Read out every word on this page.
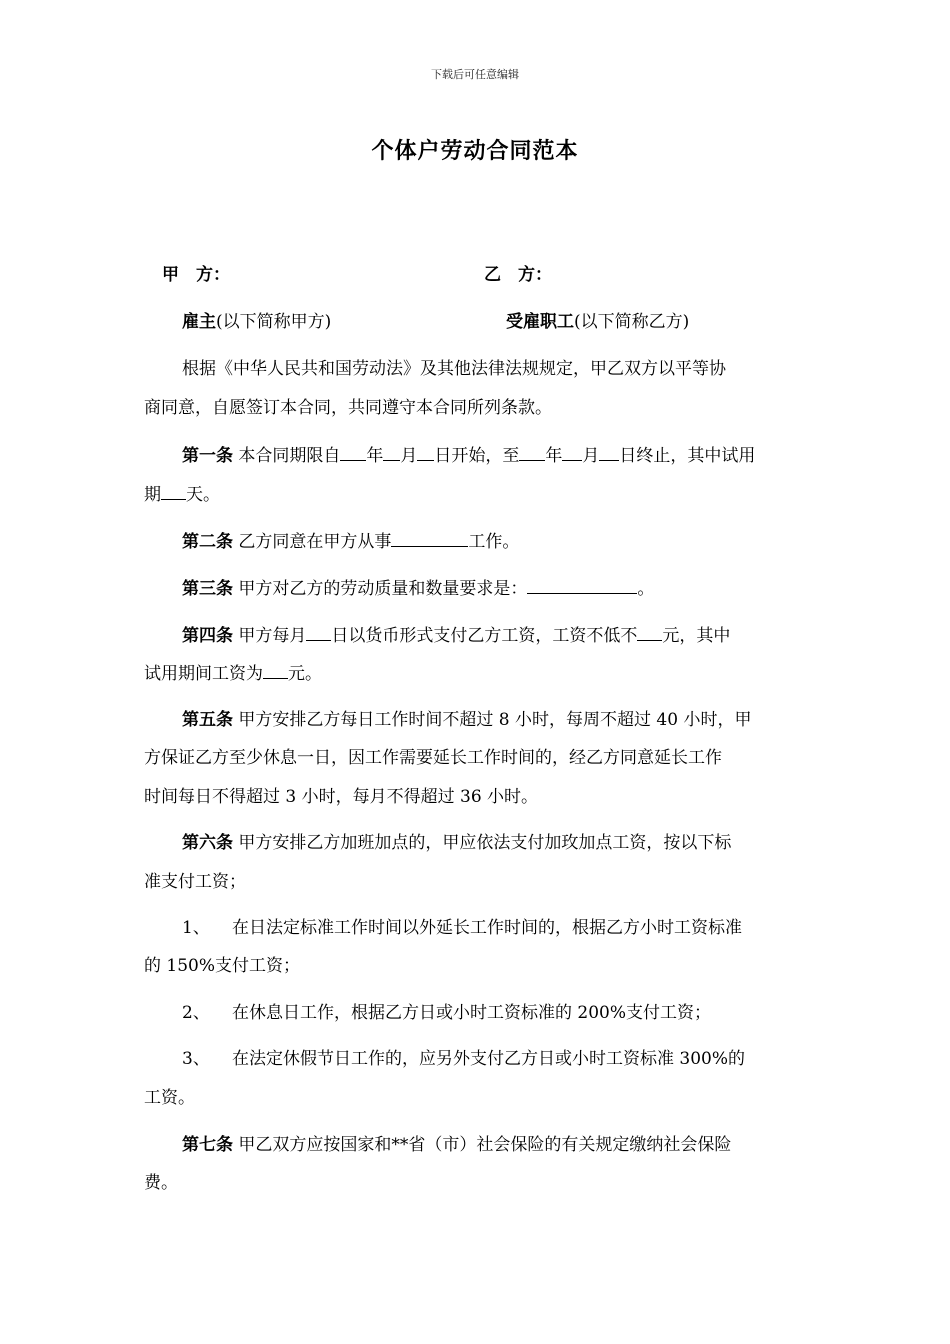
下载后可任意编辑
个体户劳动合同范本
甲　方：	乙　方：
雇主(以下简称甲方)	受雇职工(以下简称乙方)
根据《中华人民共和国劳动法》及其他法律法规规定，甲乙双方以平等协
商同意，自愿签订本合同，共同遵守本合同所列条款。
第一条 本合同期限自 年 月 日开始，至 年 月 日终止，其中试用
期 天。
第二条 乙方同意在甲方从事	工作。
第三条 甲方对乙方的劳动质量和数量要求是：	。
第四条 甲方每月 日以货币形式支付乙方工资，工资不低不 元，其中
试用期间工资为 元。
第五条 甲方安排乙方每日工作时间不超过 8 小时，每周不超过 40 小时，甲
方保证乙方至少休息一日，因工作需要延长工作时间的，经乙方同意延长工作
时间每日不得超过 3 小时，每月不得超过 36 小时。
第六条 甲方安排乙方加班加点的，甲应依法支付加玫加点工资，按以下标
准支付工资；
1、 在日法定标准工作时间以外延长工作时间的，根据乙方小时工资标准
的 150%支付工资；
2、 在休息日工作，根据乙方日或小时工资标准的 200%支付工资；
3、 在法定休假节日工作的，应另外支付乙方日或小时工资标准 300%的
工资。
第七条 甲乙双方应按国家和**省（市）社会保险的有关规定缴纳社会保险
费。
